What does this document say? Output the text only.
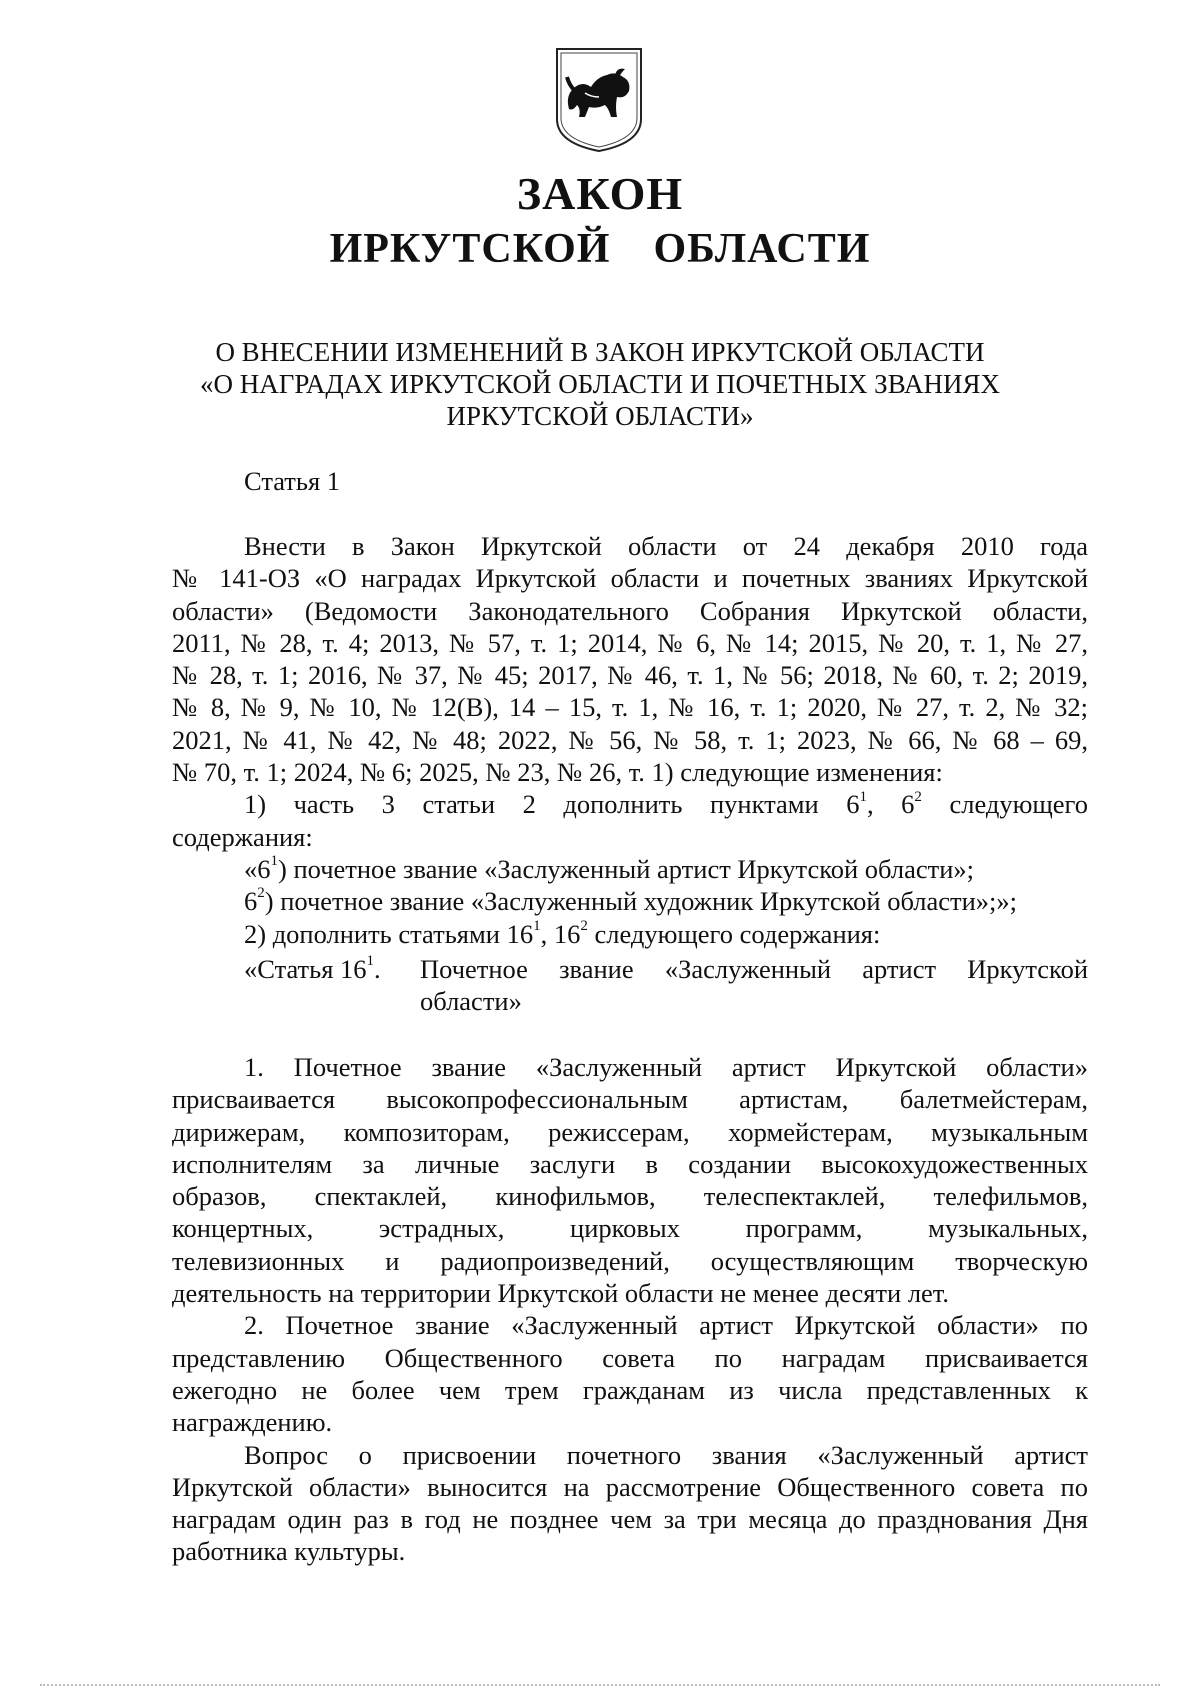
ЗАКОН
ИРКУТСКОЙ  ОБЛАСТИ
О ВНЕСЕНИИ ИЗМЕНЕНИЙ В ЗАКОН ИРКУТСКОЙ ОБЛАСТИ
«О НАГРАДАХ ИРКУТСКОЙ ОБЛАСТИ И ПОЧЕТНЫХ ЗВАНИЯХ
ИРКУТСКОЙ ОБЛАСТИ»
Статья 1
Внести в Закон Иркутской области от 24 декабря 2010 года
№ 141-ОЗ «О наградах Иркутской области и почетных званиях Иркутской
области» (Ведомости Законодательного Собрания Иркутской области,
2011, № 28, т. 4; 2013, № 57, т. 1; 2014, № 6, № 14; 2015, № 20, т. 1, № 27,
№ 28, т. 1; 2016, № 37, № 45; 2017, № 46, т. 1, № 56; 2018, № 60, т. 2; 2019,
№ 8, № 9, № 10, № 12(В), 14 – 15, т. 1, № 16, т. 1; 2020, № 27, т. 2, № 32;
2021, № 41, № 42, № 48; 2022, № 56, № 58, т. 1; 2023, № 66, № 68 – 69,
№ 70, т. 1; 2024, № 6; 2025, № 23, № 26, т. 1) следующие изменения:
1) часть 3 статьи 2 дополнить пунктами $6^1$, $6^2$ следующего
содержания:
«$6^1$) почетное звание «Заслуженный артист Иркутской области»;
$6^2$) почетное звание «Заслуженный художник Иркутской области»;»;
2) дополнить статьями $16^1$, $16^2$ следующего содержания:
«Статья $16^1$. Почетное звание «Заслуженный артист Иркутской
области»
1. Почетное звание «Заслуженный артист Иркутской области»
присваивается высокопрофессиональным артистам, балетмейстерам,
дирижерам, композиторам, режиссерам, хормейстерам, музыкальным
исполнителям за личные заслуги в создании высокохудожественных
образов, спектаклей, кинофильмов, телеспектаклей, телефильмов,
концертных, эстрадных, цирковых программ, музыкальных,
телевизионных и радиопроизведений, осуществляющим творческую
деятельность на территории Иркутской области не менее десяти лет.
2. Почетное звание «Заслуженный артист Иркутской области» по
представлению Общественного совета по наградам присваивается
ежегодно не более чем трем гражданам из числа представленных к
награждению.
Вопрос о присвоении почетного звания «Заслуженный артист
Иркутской области» выносится на рассмотрение Общественного совета по
наградам один раз в год не позднее чем за три месяца до празднования Дня
работника культуры.
